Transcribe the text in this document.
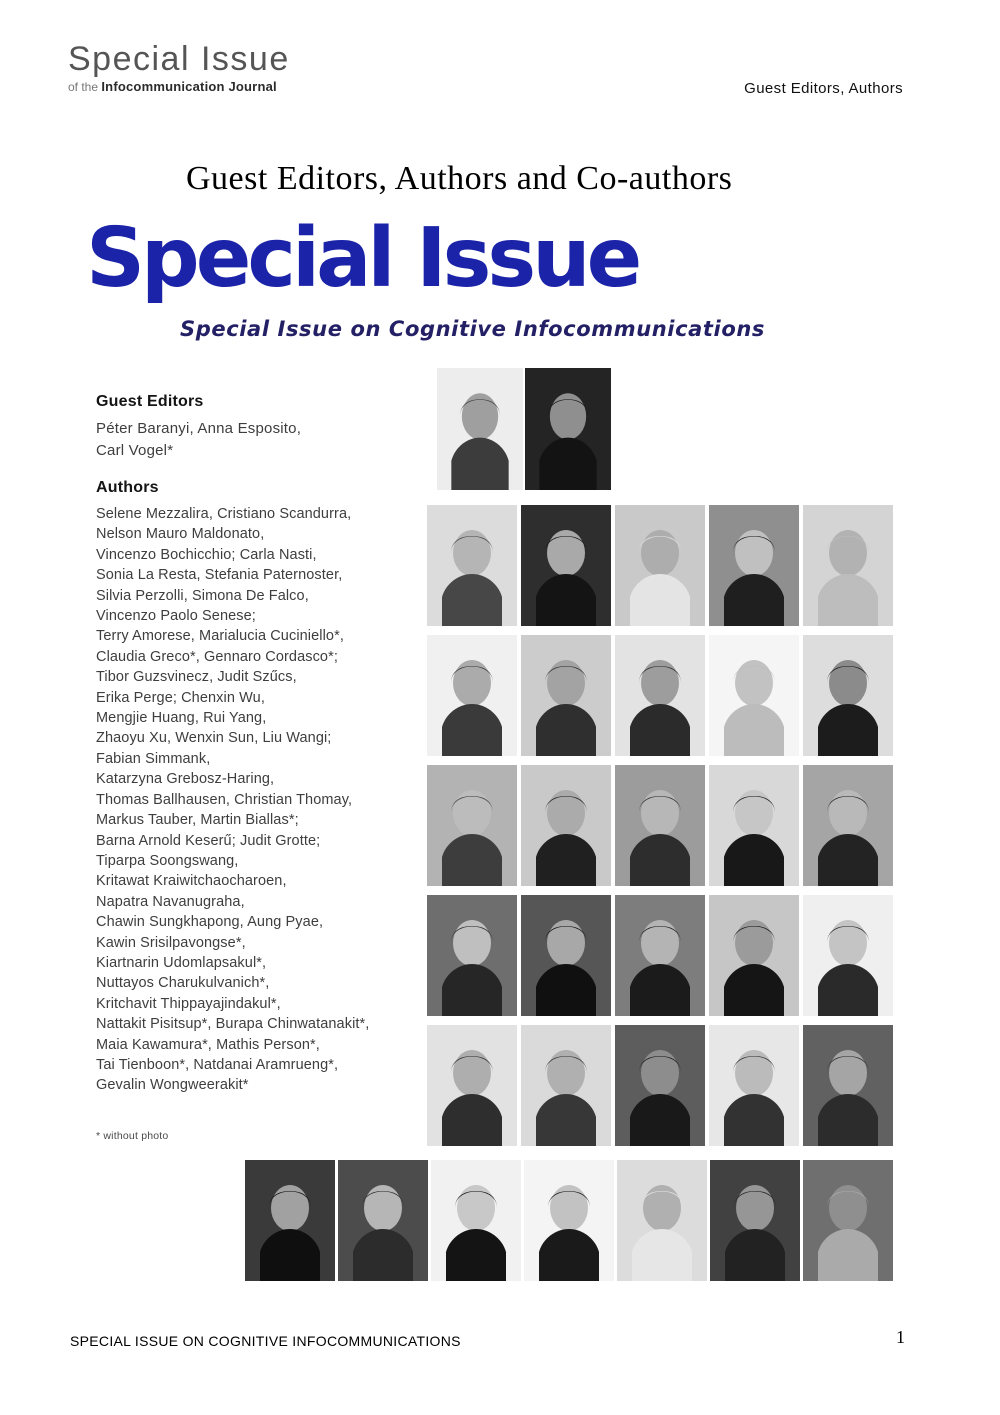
Special Issue
of the Infocommunication Journal	Guest Editors, Authors
Guest Editors, Authors and Co-authors
Special Issue
Special Issue on Cognitive Infocommunications
Guest Editors
Péter Baranyi, Anna Esposito,
Carl Vogel*
Authors
Selene Mezzalira, Cristiano Scandurra,
Nelson Mauro Maldonato,
Vincenzo Bochicchio; Carla Nasti,
Sonia La Resta, Stefania Paternoster,
Silvia Perzolli, Simona De Falco,
Vincenzo Paolo Senese;
Terry Amorese, Marialucia Cuciniello*,
Claudia Greco*, Gennaro Cordasco*;
Tibor Guzsvinecz, Judit Szűcs,
Erika Perge; Chenxin Wu,
Mengjie Huang, Rui Yang,
Zhaoyu Xu, Wenxin Sun, Liu Wangi;
Fabian Simmank,
Katarzyna Grebosz-Haring,
Thomas Ballhausen, Christian Thomay,
Markus Tauber, Martin Biallas*;
Barna Arnold Keserű; Judit Grotte;
Tiparpa Soongswang,
Kritawat Kraiwitchaocharoen,
Napatra Navanugraha,
Chawin Sungkhapong, Aung Pyae,
Kawin Srisilpavongse*,
Kiartnarin Udomlapsakul*,
Nuttayos Charukulvanich*,
Kritchavit Thippayajindakul*,
Nattakit Pisitsup*, Burapa Chinwatanakit*,
Maia Kawamura*, Mathis Person*,
Tai Tienboon*, Natdanai Aramrueng*,
Gevalin Wongweerakit*
* without photo
SPECIAL ISSUE ON COGNITIVE INFOCOMMUNICATIONS	1
